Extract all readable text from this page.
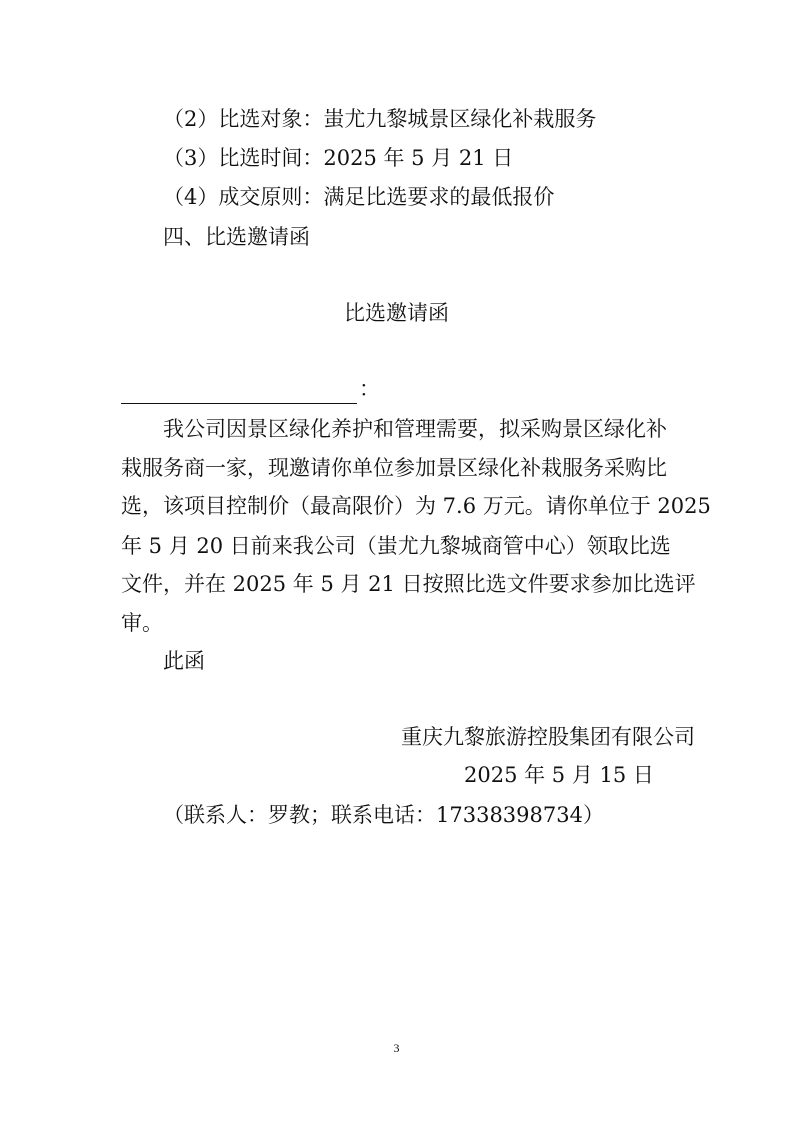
（2）比选对象：蚩尤九黎城景区绿化补栽服务
（3）比选时间：2025 年 5 月 21 日
（4）成交原则：满足比选要求的最低报价
四、比选邀请函
比选邀请函
：
我公司因景区绿化养护和管理需要，拟采购景区绿化补
栽服务商一家，现邀请你单位参加景区绿化补栽服务采购比
选，该项目控制价（最高限价）为 7.6 万元。请你单位于 2025
年 5 月 20 日前来我公司（蚩尤九黎城商管中心）领取比选
文件，并在 2025 年 5 月 21 日按照比选文件要求参加比选评
审。
此函
重庆九黎旅游控股集团有限公司
2025 年 5 月 15 日
（联系人：罗教；联系电话：17338398734）
3
